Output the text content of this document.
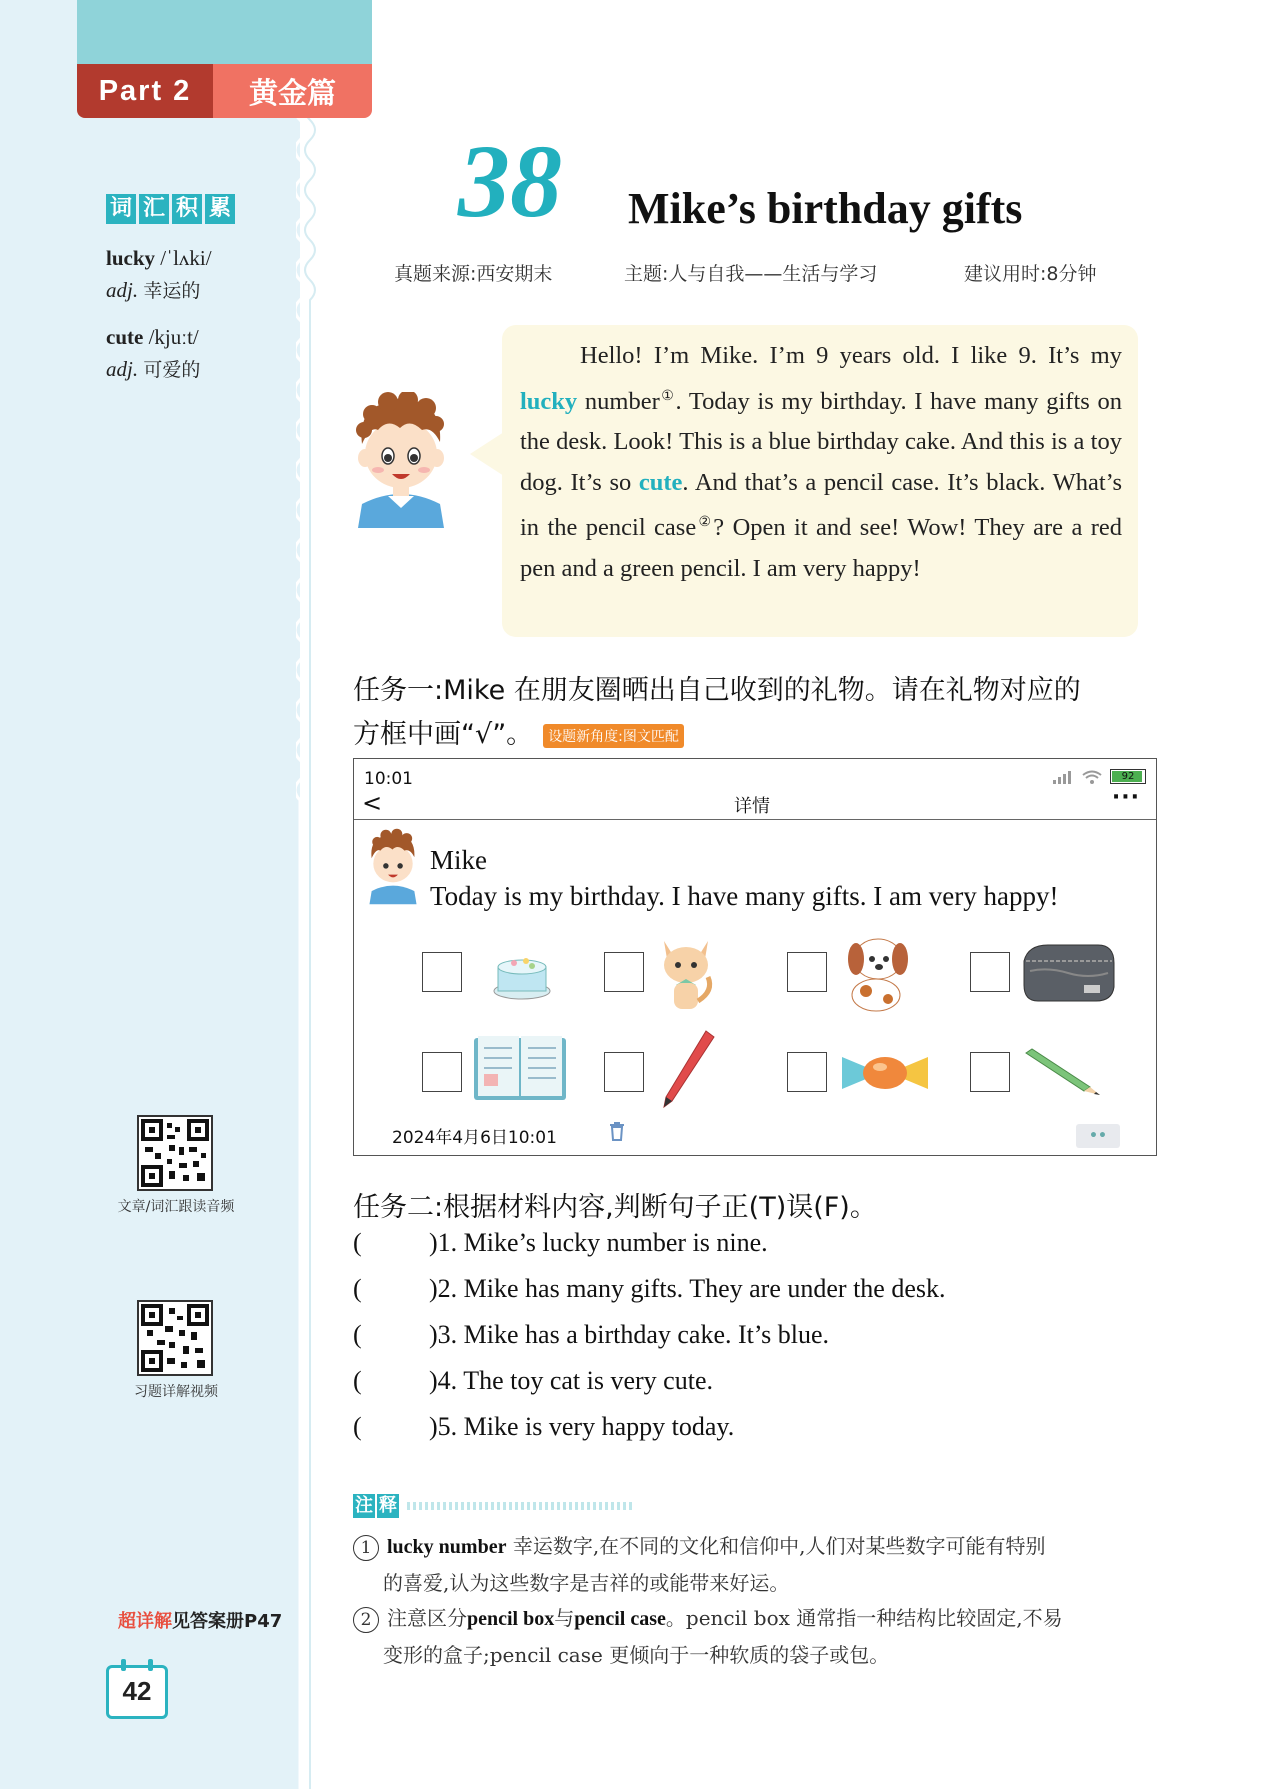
Part 2	黄金篇
词 汇 积 累
lucky /ˈlʌki/
adj. 幸运的
cute /kjuːt/
adj. 可爱的
文章/词汇跟读音频
习题详解视频
超详解见答案册P47
42
38 Mike’s birthday gifts
真题来源:西安期末	主题:人与自我——生活与学习	建议用时:8分钟
Hello! I’m Mike. I’m 9 years old. I like 9. It’s my lucky number①. Today is my birthday. I have many gifts on the desk. Look! This is a blue birthday cake. And this is a toy dog. It’s so cute. And that’s a pencil case. It’s black. What’s in the pencil case②? Open it and see! Wow! They are a red pen and a green pencil. I am very happy!
任务一:Mike 在朋友圈晒出自己收到的礼物。请在礼物对应的
方框中画“√”。 设题新角度:图文匹配
10:01
<	详情	···
92
Mike
Today is my birthday. I have many gifts. I am very happy!
2024年4月6日10:01	••
任务二:根据材料内容,判断句子正(T)误(F)。
(	)1. Mike’s lucky number is nine.
(	)2. Mike has many gifts. They are under the desk.
(	)3. Mike has a birthday cake. It’s blue.
(	)4. The toy cat is very cute.
(	)5. Mike is very happy today.
注 释
1 lucky number 幸运数字,在不同的文化和信仰中,人们对某些数字可能有特别
的喜爱,认为这些数字是吉祥的或能带来好运。
2 注意区分pencil box与pencil case。pencil box 通常指一种结构比较固定,不易
变形的盒子;pencil case 更倾向于一种软质的袋子或包。
